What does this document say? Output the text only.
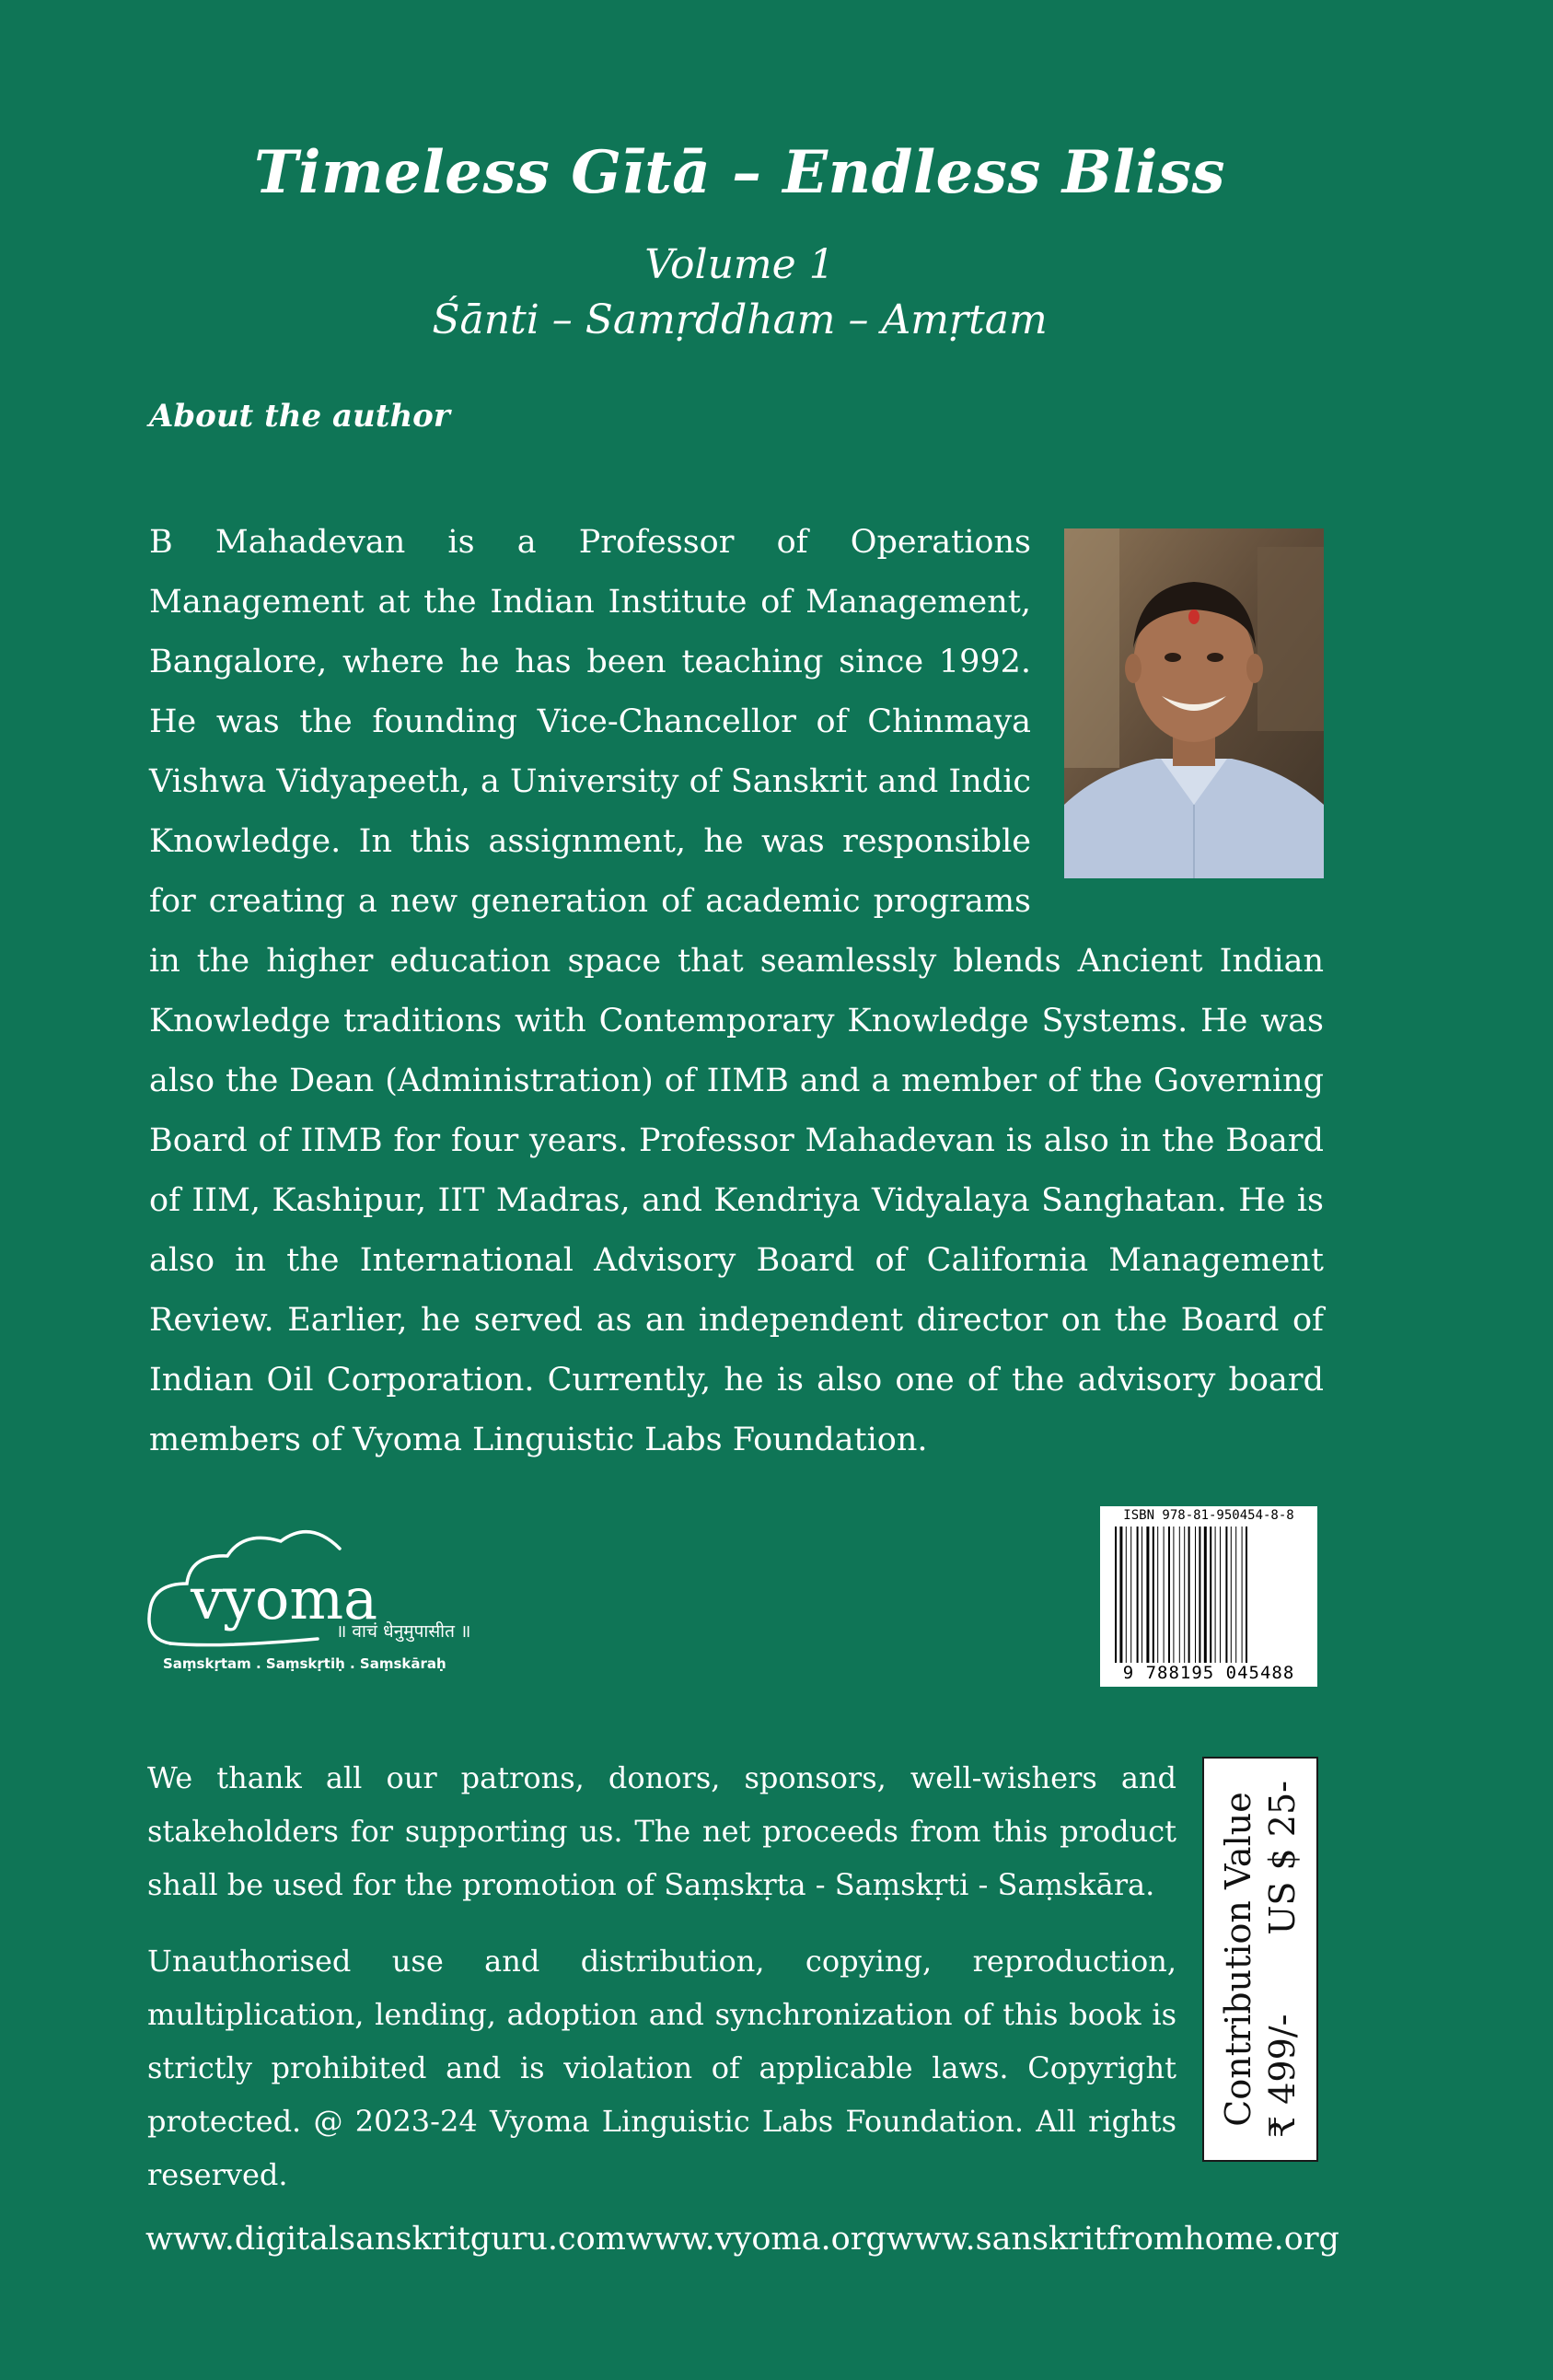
Timeless Gītā – Endless Bliss
Volume 1
Śānti – Samṛddham – Amṛtam
About the author

B Mahadevan is a Professor of Operations Management at the Indian Institute of Management, Bangalore, where he has been teaching since 1992. He was the founding Vice-Chancellor of Chinmaya Vishwa Vidyapeeth, a University of Sanskrit and Indic Knowledge. In this assignment, he was responsible for creating a new generation of academic programs in the higher education space that seamlessly blends Ancient Indian Knowledge traditions with Contemporary Knowledge Systems. He was also the Dean (Administration) of IIMB and a member of the Governing Board of IIMB for four years. Professor Mahadevan is also in the Board of IIM, Kashipur, IIT Madras, and Kendriya Vidyalaya Sanghatan. He is also in the International Advisory Board of California Management Review. Earlier, he served as an independent director on the Board of Indian Oil Corporation. Currently, he is also one of the advisory board members of Vyoma Linguistic Labs Foundation.

vyoma
॥ वाचं धेनुमुपासीत ॥
Saṃskṛtam . Saṃskṛtiḥ . Saṃskāraḥ
ISBN 978-81-950454-8-8
9 788195 045488

We thank all our patrons, donors, sponsors, well-wishers and stakeholders for supporting us. The net proceeds from this product shall be used for the promotion of Saṃskṛta - Saṃskṛti - Saṃskāra.

Unauthorised use and distribution, copying, reproduction, multiplication, lending, adoption and synchronization of this book is strictly prohibited and is violation of applicable laws. Copyright protected. @ 2023-24 Vyoma Linguistic Labs Foundation. All rights reserved.

Contribution Value ₹ 499/-
US $ 25-
www.digitalsanskritguru.com www.vyoma.org www.sanskritfromhome.org
